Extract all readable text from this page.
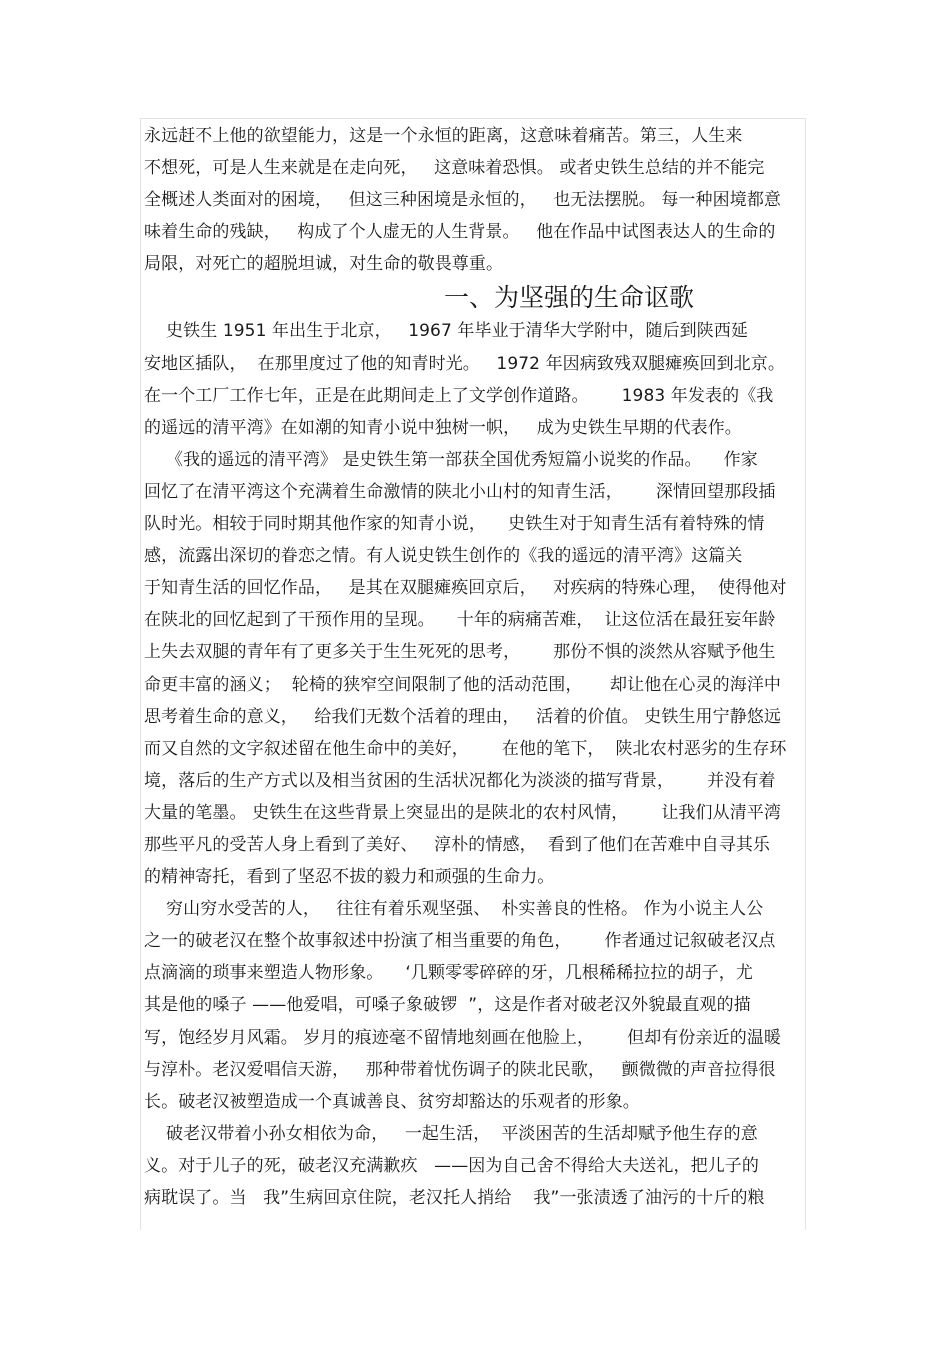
永远赶不上他的欲望能力，这是一个永恒的距离，这意味着痛苦。第三，人生来
不想死，可是人生来就是在走向死，   这意味着恐惧。 或者史铁生总结的并不能完
全概述人类面对的困境，   但这三种困境是永恒的，   也无法摆脱。 每一种困境都意
味着生命的残缺，   构成了个人虚无的人生背景。   他在作品中试图表达人的生命的
局限，对死亡的超脱坦诚，对生命的敬畏尊重。
一、为坚强的生命讴歌
史铁生 1951 年出生于北京，   1967 年毕业于清华大学附中，随后到陕西延
安地区插队，  在那里度过了他的知青时光。   1972 年因病致残双腿瘫痪回到北京。
在一个工厂工作七年，正是在此期间走上了文学创作道路。      1983 年发表的《我
的遥远的清平湾》在如潮的知青小说中独树一帜，   成为史铁生早期的代表作。
《我的遥远的清平湾》 是史铁生第一部获全国优秀短篇小说奖的作品。    作家
回忆了在清平湾这个充满着生命激情的陕北小山村的知青生活，      深情回望那段插
队时光。相较于同时期其他作家的知青小说，    史铁生对于知青生活有着特殊的情
感，流露出深切的眷恋之情。有人说史铁生创作的《我的遥远的清平湾》这篇关
于知青生活的回忆作品，   是其在双腿瘫痪回京后，   对疾病的特殊心理，  使得他对
在陕北的回忆起到了干预作用的呈现。    十年的病痛苦难，  让这位活在最狂妄年龄
上失去双腿的青年有了更多关于生生死死的思考，      那份不惧的淡然从容赋予他生
命更丰富的涵义；  轮椅的狭窄空间限制了他的活动范围，     却让他在心灵的海洋中
思考着生命的意义，   给我们无数个活着的理由，   活着的价值。 史铁生用宁静悠远
而又自然的文字叙述留在他生命中的美好，      在他的笔下，  陕北农村恶劣的生存环
境，落后的生产方式以及相当贫困的生活状况都化为淡淡的描写背景，      并没有着
大量的笔墨。 史铁生在这些背景上突显出的是陕北的农村风情，      让我们从清平湾
那些平凡的受苦人身上看到了美好、   淳朴的情感，  看到了他们在苦难中自寻其乐
的精神寄托，看到了坚忍不拔的毅力和顽强的生命力。
穷山穷水受苦的人，   往往有着乐观坚强、  朴实善良的性格。 作为小说主人公
之一的破老汉在整个故事叙述中扮演了相当重要的角色，      作者通过记叙破老汉点
点滴滴的琐事来塑造人物形象。    ‘几颗零零碎碎的牙，几根稀稀拉拉的胡子，尤
其是他的嗓子 ——他爱唱，可嗓子象破锣  ”，这是作者对破老汉外貌最直观的描
写，饱经岁月风霜。 岁月的痕迹毫不留情地刻画在他脸上，      但却有份亲近的温暖
与淳朴。老汉爱唱信天游，   那种带着忧伤调子的陕北民歌，   颤微微的声音拉得很
长。破老汉被塑造成一个真诚善良、贫穷却豁达的乐观者的形象。
破老汉带着小孙女相依为命，   一起生活，  平淡困苦的生活却赋予他生存的意
义。对于儿子的死，破老汉充满歉疚   ——因为自己舍不得给大夫送礼，把儿子的
病耽误了。当   我”生病回京住院，老汉托人捎给    我”一张渍透了油污的十斤的粮
